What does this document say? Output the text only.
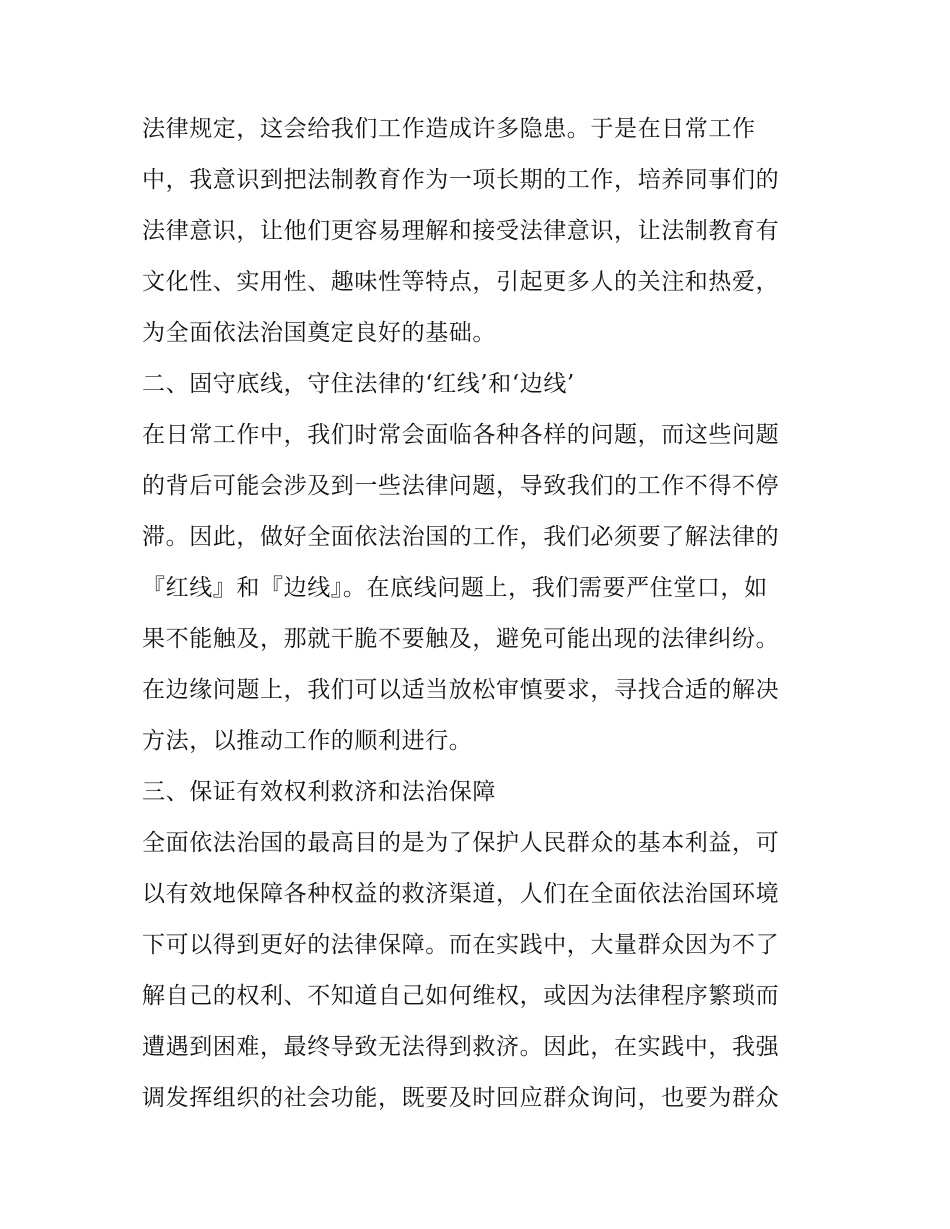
法律规定，这会给我们工作造成许多隐患。于是在日常工作
中，我意识到把法制教育作为一项长期的工作，培养同事们的
法律意识，让他们更容易理解和接受法律意识，让法制教育有
文化性、实用性、趣味性等特点，引起更多人的关注和热爱，
为全面依法治国奠定良好的基础。
二、固守底线，守住法律的‘红线’和‘边线’
在日常工作中，我们时常会面临各种各样的问题，而这些问题
的背后可能会涉及到一些法律问题，导致我们的工作不得不停
滞。因此，做好全面依法治国的工作，我们必须要了解法律的
『红线』和『边线』。在底线问题上，我们需要严住堂口，如
果不能触及，那就干脆不要触及，避免可能出现的法律纠纷。
在边缘问题上，我们可以适当放松审慎要求，寻找合适的解决
方法，以推动工作的顺利进行。
三、保证有效权利救济和法治保障
全面依法治国的最高目的是为了保护人民群众的基本利益，可
以有效地保障各种权益的救济渠道，人们在全面依法治国环境
下可以得到更好的法律保障。而在实践中，大量群众因为不了
解自己的权利、不知道自己如何维权，或因为法律程序繁琐而
遭遇到困难，最终导致无法得到救济。因此，在实践中，我强
调发挥组织的社会功能，既要及时回应群众询问，也要为群众
